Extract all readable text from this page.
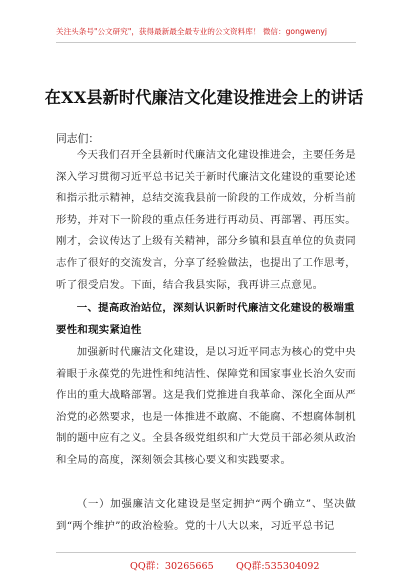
关注头条号"公文研究"，获得最新最全最专业的公文资料库！ 微信：gongwenyj
在XX县新时代廉洁文化建设推进会上的讲话
同志们：
今天我们召开全县新时代廉洁文化建设推进会，主要任务是深入学习贯彻习近平总书记关于新时代廉洁文化建设的重要论述和指示批示精神，总结交流我县前一阶段的工作成效，分析当前形势，并对下一阶段的重点任务进行再动员、再部署、再压实。刚才，会议传达了上级有关精神，部分乡镇和县直单位的负责同志作了很好的交流发言，分享了经验做法，也提出了工作思考，听了很受启发。下面，结合我县实际，我再讲三点意见。
一、提高政治站位，深刻认识新时代廉洁文化建设的极端重要性和现实紧迫性
加强新时代廉洁文化建设，是以习近平同志为核心的党中央着眼于永葆党的先进性和纯洁性、保障党和国家事业长治久安而作出的重大战略部署。这是我们党推进自我革命、深化全面从严治党的必然要求，也是一体推进不敢腐、不能腐、不想腐体制机制的题中应有之义。全县各级党组织和广大党员干部必须从政治和全局的高度，深刻领会其核心要义和实践要求。
（一）加强廉洁文化建设是坚定拥护“两个确立”、坚决做到“两个维护”的政治检验。党的十八大以来，习近平总书记
QQ群：30265665 QQ群:535304092
